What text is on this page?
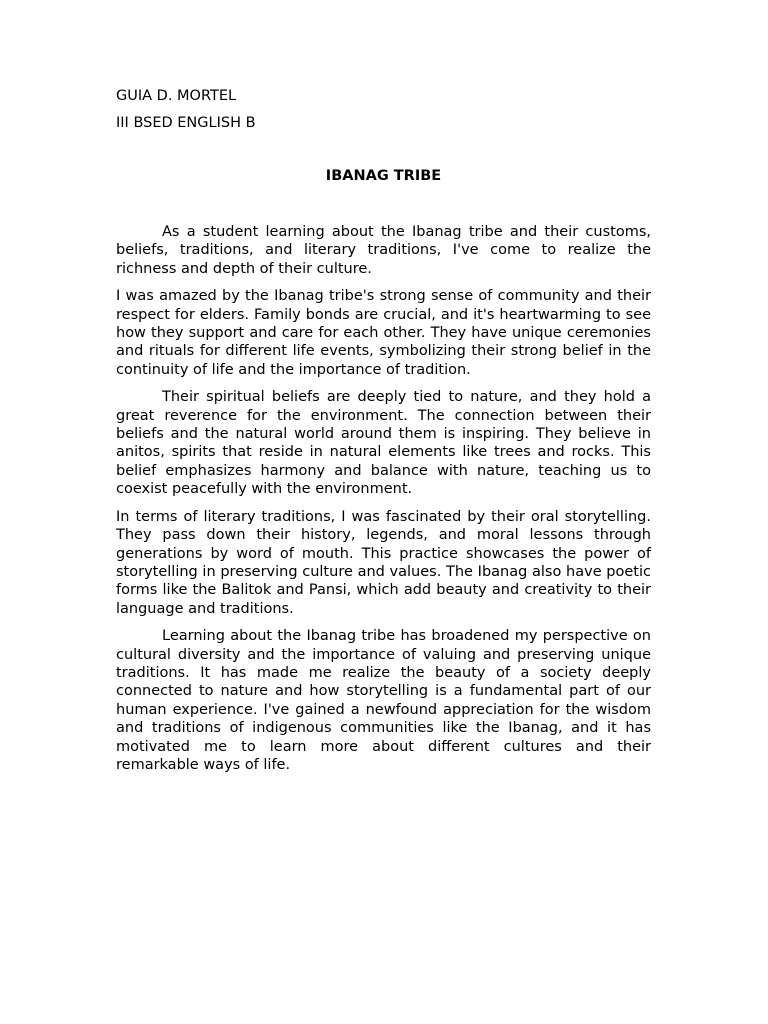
GUIA D. MORTEL

III BSED ENGLISH B

IBANAG TRIBE

As a student learning about the Ibanag tribe and their customs, beliefs, traditions, and literary traditions, I've come to realize the richness and depth of their culture.

I was amazed by the Ibanag tribe's strong sense of community and their respect for elders. Family bonds are crucial, and it's heartwarming to see how they support and care for each other. They have unique ceremonies and rituals for different life events, symbolizing their strong belief in the continuity of life and the importance of tradition.

Their spiritual beliefs are deeply tied to nature, and they hold a great reverence for the environment. The connection between their beliefs and the natural world around them is inspiring. They believe in anitos, spirits that reside in natural elements like trees and rocks. This belief emphasizes harmony and balance with nature, teaching us to coexist peacefully with the environment.

In terms of literary traditions, I was fascinated by their oral storytelling. They pass down their history, legends, and moral lessons through generations by word of mouth. This practice showcases the power of storytelling in preserving culture and values. The Ibanag also have poetic forms like the Balitok and Pansi, which add beauty and creativity to their language and traditions.

Learning about the Ibanag tribe has broadened my perspective on cultural diversity and the importance of valuing and preserving unique traditions. It has made me realize the beauty of a society deeply connected to nature and how storytelling is a fundamental part of our human experience. I've gained a newfound appreciation for the wisdom and traditions of indigenous communities like the Ibanag, and it has motivated me to learn more about different cultures and their remarkable ways of life.
